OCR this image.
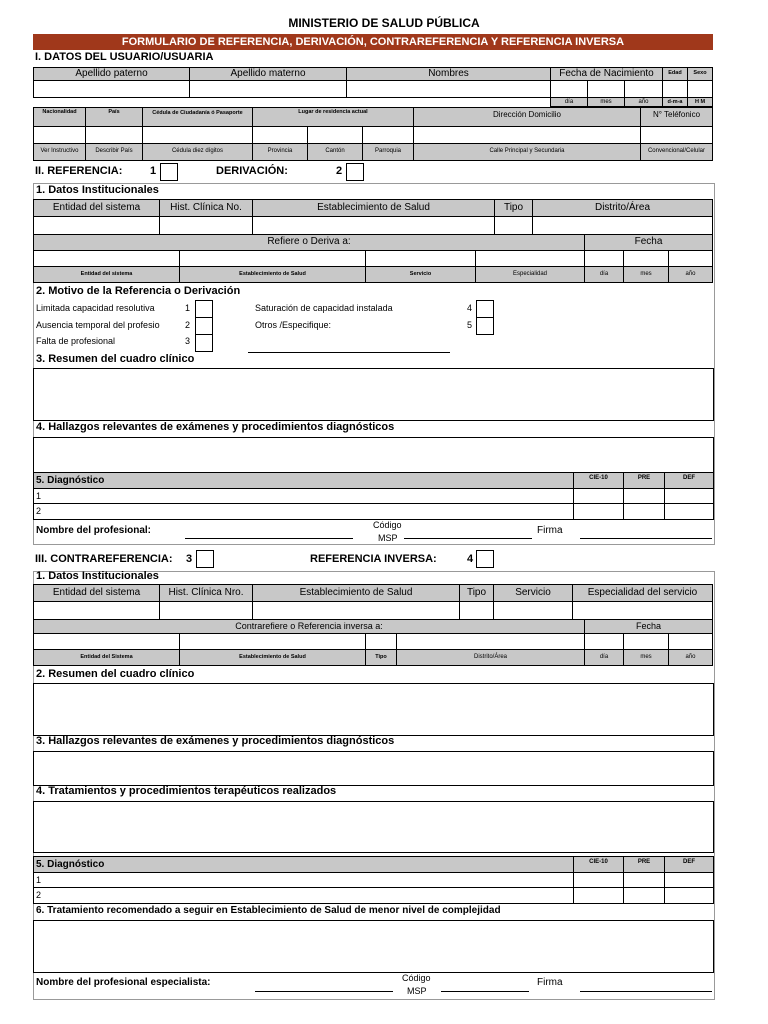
MINISTERIO DE SALUD PÚBLICA
FORMULARIO DE REFERENCIA, DERIVACIÓN, CONTRAREFERENCIA Y REFERENCIA INVERSA
I. DATOS DEL USUARIO/USUARIA
Apellido paterno	Apellido materno	Nombres	Fecha de Nacimiento	Edad	Sexo
día	mes	año	d-m-a	H M
Nacionalidad	País	Cédula de Ciudadanía ó Pasaporte	Lugar de residencia actual	Dirección Domicilio	N° Teléfonico
Ver Instructivo	Describir País	Cédula diez dígitos	Provincia	Cantón	Parroquia	Calle Principal y Secundaria	Convencional/Celular
II. REFERENCIA:	1	DERIVACIÓN:	2
1. Datos Institucionales
Entidad del sistema	Hist. Clínica No.	Establecimiento de Salud	Tipo	Distrito/Área
Refiere o Deriva a:	Fecha
Entidad del sistema	Establecimiento de Salud	Servicio	Especialidad	día	mes	año
2. Motivo de la Referencia o Derivación
Limitada capacidad resolutiva	1
Ausencia temporal del profesio	2
Falta de profesional	3
Saturación de capacidad instalada	4
Otros /Especifique:	5
3. Resumen del cuadro clínico
4. Hallazgos relevantes de exámenes y procedimientos diagnósticos
5. Diagnóstico	CIE-10	PRE	DEF
1
2
Nombre del profesional:	Código
MSP
Firma
III. CONTRAREFERENCIA: 3	REFERENCIA INVERSA:	4
1. Datos Institucionales
Entidad del sistema	Hist. Clínica Nro.	Establecimiento de Salud	Tipo	Servicio	Especialidad del servicio
Contrarefiere o Referencia inversa a:	Fecha
Entidad del Sistema	Establecimiento de Salud	Tipo	Distrito/Área	día	mes	año
2. Resumen del cuadro clínico
3. Hallazgos relevantes de exámenes y procedimientos diagnósticos
4. Tratamientos y procedimientos terapéuticos realizados
5. Diagnóstico	CIE-10	PRE	DEF
1
2
6. Tratamiento recomendado a seguir en Establecimiento de Salud de menor nivel de complejidad
Nombre del profesional especialista:	Código
MSP
Firma
